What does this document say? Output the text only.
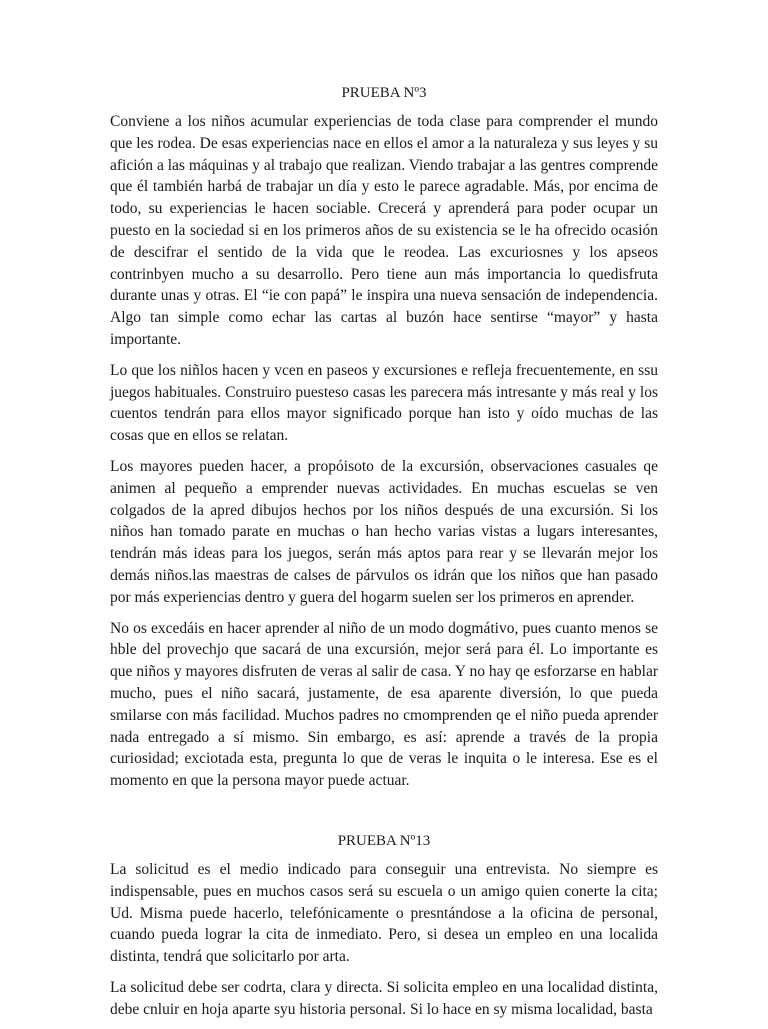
PRUEBA Nº3

Conviene a los niños acumular experiencias de toda clase para comprender el mundo que les rodea. De esas experiencias nace en ellos el amor a la naturaleza y sus leyes y su afición a las máquinas y al trabajo que realizan. Viendo trabajar a las gentres comprende que él también harbá de trabajar un día y esto le parece agradable. Más, por encima de todo, su experiencias le hacen sociable. Crecerá y aprenderá para poder ocupar un puesto en la sociedad si en los primeros años de su existencia se le ha ofrecido ocasión de descifrar el sentido de la vida que le reodea. Las excuriosnes y los apseos contrinbyen mucho a su desarrollo. Pero tiene aun más importancia lo quedisfruta durante unas y otras. El “ie con papá” le inspira una nueva sensación de independencia. Algo tan simple como echar las cartas al buzón hace sentirse “mayor” y hasta importante.

Lo que los niñlos hacen y vcen en paseos y excursiones e refleja frecuentemente, en ssu juegos habituales. Construiro puesteso casas les parecera más intresante y más real y los cuentos tendrán para ellos mayor significado porque han isto y oído muchas de las cosas que en ellos se relatan.

Los mayores pueden hacer, a propóisoto de la excursión, observaciones casuales qe animen al pequeño a emprender nuevas actividades. En muchas escuelas se ven colgados de la apred dibujos hechos por los niños después de una excursión. Si los niños han tomado parate en muchas o han hecho varias vistas a lugars interesantes, tendrán más ideas para los juegos, serán más aptos para rear y se llevarán mejor los demás niños.las maestras de calses de párvulos os idrán que los niños que han pasado por más experiencias dentro y guera del hogarm suelen ser los primeros en aprender.

No os excedáis en hacer aprender al niño de un modo dogmátivo, pues cuanto menos se hble del provechjo que sacará de una excursión, mejor será para él. Lo importante es que niños y mayores disfruten de veras al salir de casa. Y no hay qe esforzarse en hablar mucho, pues el niño sacará, justamente, de esa aparente diversión, lo que pueda smilarse con más facilidad. Muchos padres no cmomprenden qe el niño pueda aprender nada entregado a sí mismo. Sin embargo, es así: aprende a través de la propia curiosidad; exciotada esta, pregunta lo que de veras le inquita o le interesa. Ese es el momento en que la persona mayor puede actuar.

PRUEBA Nº13

La solicitud es el medio indicado para conseguir una entrevista. No siempre es indispensable, pues en muchos casos será su escuela o un amigo quien conerte la cita; Ud. Misma puede hacerlo, telefónicamente o presntándose a la oficina de personal, cuando pueda lograr la cita de inmediato. Pero, si desea un empleo en una localida distinta, tendrá que solicitarlo por arta.

La solicitud debe ser codrta, clara y directa. Si solicita empleo en una localidad distinta, debe cnluir en hoja aparte syu historia personal. Si lo hace en sy misma localidad, basta
